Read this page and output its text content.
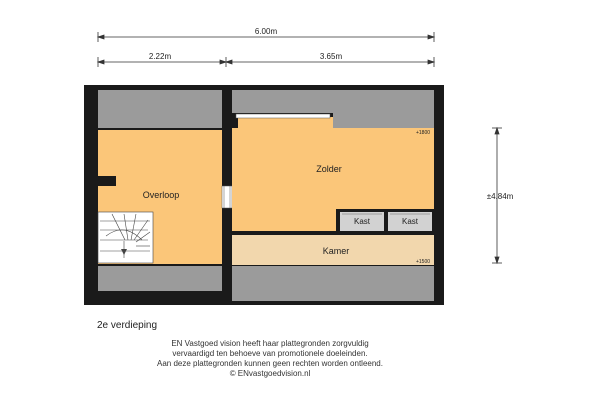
6.00m
2.22m	3.65m
±4.84m
Zolder
+1800
Kast	Kast
Kamer
+1500
Overloop
2e verdieping
EN Vastgoed vision heeft haar plattegronden zorgvuldig
vervaardigd ten behoeve van promotionele doeleinden.
Aan deze plattegronden kunnen geen rechten worden ontleend.
© ENvastgoedvision.nl
